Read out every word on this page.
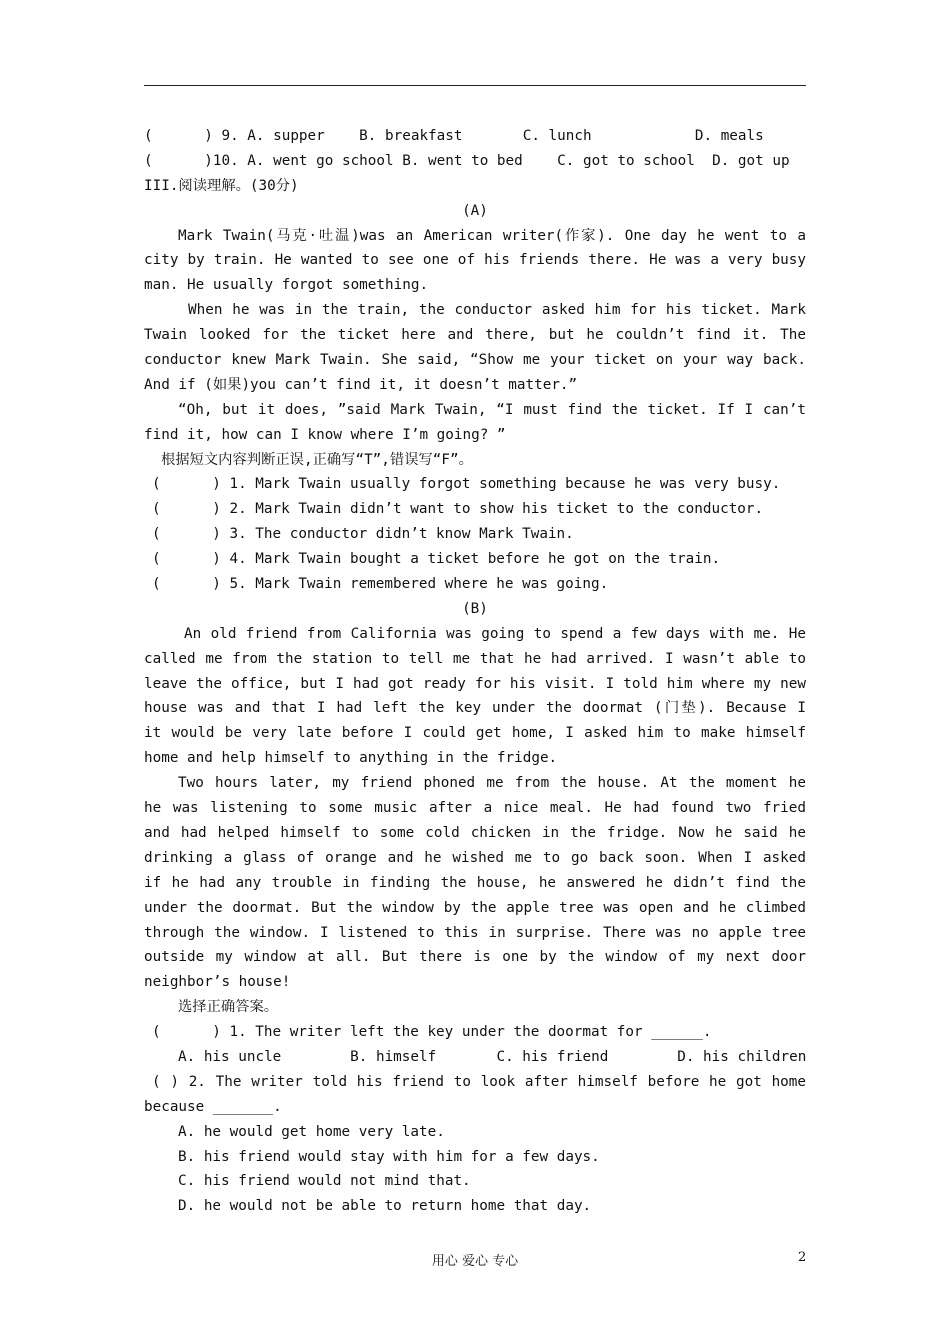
(      ) 9. A. supper    B. breakfast       C. lunch            D. meals
(      )10. A. went go school B. went to bed    C. got to school  D. got up
III.阅读理解。(30分)
(A)
Mark Twain(马克·吐温)was an American writer(作家). One day he went to a
city by train. He wanted to see one of his friends there. He was a very busy
man. He usually forgot something.
When he was in the train, the conductor asked him for his ticket. Mark
Twain looked for the ticket here and there, but he couldn’t find it. The
conductor knew Mark Twain. She said, “Show me your ticket on your way back.
And if (如果)you can’t find it, it doesn’t matter.”
“Oh, but it does, ”said Mark Twain, “I must find the ticket. If I can’t
find it, how can I know where I’m going? ”
根据短文内容判断正误,正确写“T”,错误写“F”。
(      ) 1. Mark Twain usually forgot something because he was very busy.
(      ) 2. Mark Twain didn’t want to show his ticket to the conductor.
(      ) 3. The conductor didn’t know Mark Twain.
(      ) 4. Mark Twain bought a ticket before he got on the train.
(      ) 5. Mark Twain remembered where he was going.
(B)
An old friend from California was going to spend a few days with me. He
called me from the station to tell me that he had arrived. I wasn’t able to
leave the office, but I had got ready for his visit. I told him where my new
house was and that I had left the key under the doormat (门垫). Because I
it would be very late before I could get home, I asked him to make himself
home and help himself to anything in the fridge.
Two hours later, my friend phoned me from the house. At the moment he
he was listening to some music after a nice meal. He had found two fried
and had helped himself to some cold chicken in the fridge. Now he said he
drinking a glass of orange and he wished me to go back soon. When I asked
if he had any trouble in finding the house, he answered he didn’t find the
under the doormat. But the window by the apple tree was open and he climbed
through the window. I listened to this in surprise. There was no apple tree
outside my window at all. But there is one by the window of my next door
neighbor’s house!
选择正确答案。
(      ) 1. The writer left the key under the doormat for ______.
A. his uncle        B. himself       C. his friend        D. his children
( ) 2. The writer told his friend to look after himself before he got home
because _______.
A. he would get home very late.
B. his friend would stay with him for a few days.
C. his friend would not mind that.
D. he would not be able to return home that day.
用心 爱心 专心	2
